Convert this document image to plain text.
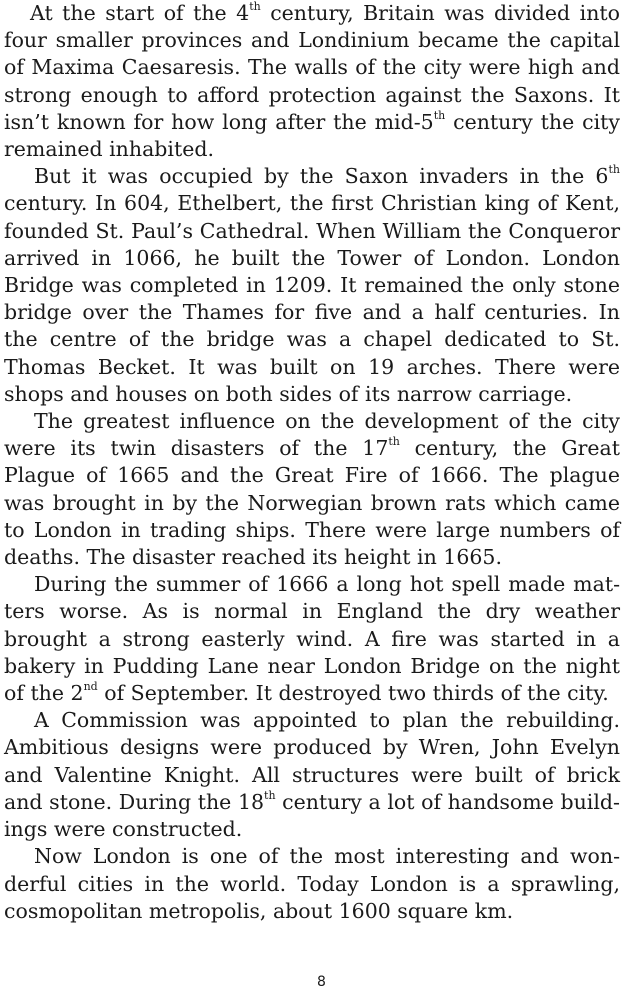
At the start of the 4th century, Britain was divided into four smaller provinces and Londinium became the capital of Maxima Caesaresis. The walls of the city were high and strong enough to afford protection against the Saxons. It isn’t known for how long after the mid-5th century the city remained inhabited.

But it was occupied by the Saxon invaders in the 6th century. In 604, Ethelbert, the first Christian king of Kent, founded St. Paul’s Cathedral. When William the Conqueror arrived in 1066, he built the Tower of London. London Bridge was completed in 1209. It remained the only stone bridge over the Thames for five and a half centuries. In the centre of the bridge was a chapel dedicated to St. Thomas Becket. It was built on 19 arches. There were shops and houses on both sides of its narrow carriage.

The greatest influence on the development of the city were its twin disasters of the 17th century, the Great Plague of 1665 and the Great Fire of 1666. The plague was brought in by the Norwegian brown rats which came to London in trading ships. There were large numbers of deaths. The disaster reached its height in 1665.

During the summer of 1666 a long hot spell made matters worse. As is normal in England the dry weather brought a strong easterly wind. A fire was started in a bakery in Pudding Lane near London Bridge on the night of the 2nd of September. It destroyed two thirds of the city.

A Commission was appointed to plan the rebuilding. Ambitious designs were produced by Wren, John Evelyn and Valentine Knight. All structures were built of brick and stone. During the 18th century a lot of handsome buildings were constructed.

Now London is one of the most interesting and wonderful cities in the world. Today London is a sprawling, cosmopolitan metropolis, about 1600 square km.

8
